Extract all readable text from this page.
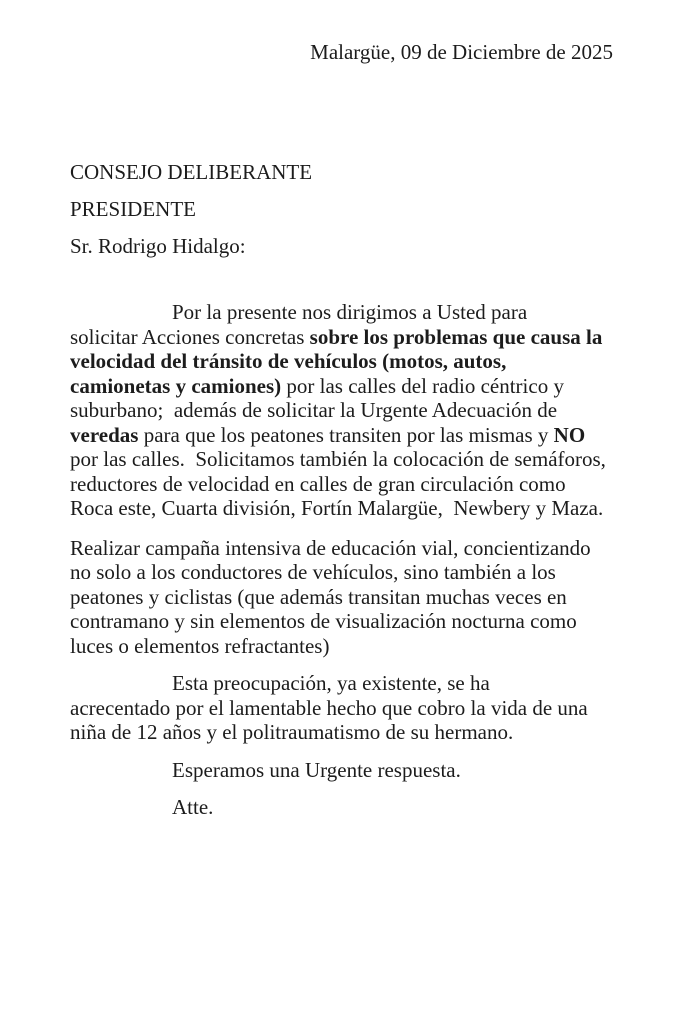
Malargüe, 09 de Diciembre de 2025
CONSEJO DELIBERANTE
PRESIDENTE
Sr. Rodrigo Hidalgo:
Por la presente nos dirigimos a Usted para
solicitar Acciones concretas sobre los problemas que causa la
velocidad del tránsito de vehículos (motos, autos,
camionetas y camiones) por las calles del radio céntrico y
suburbano;  además de solicitar la Urgente Adecuación de
veredas para que los peatones transiten por las mismas y NO
por las calles.  Solicitamos también la colocación de semáforos,
reductores de velocidad en calles de gran circulación como
Roca este, Cuarta división, Fortín Malargüe,  Newbery y Maza.
Realizar campaña intensiva de educación vial, concientizando
no solo a los conductores de vehículos, sino también a los
peatones y ciclistas (que además transitan muchas veces en
contramano y sin elementos de visualización nocturna como
luces o elementos refractantes)
Esta preocupación, ya existente, se ha
acrecentado por el lamentable hecho que cobro la vida de una
niña de 12 años y el politraumatismo de su hermano.
Esperamos una Urgente respuesta.
Atte.
